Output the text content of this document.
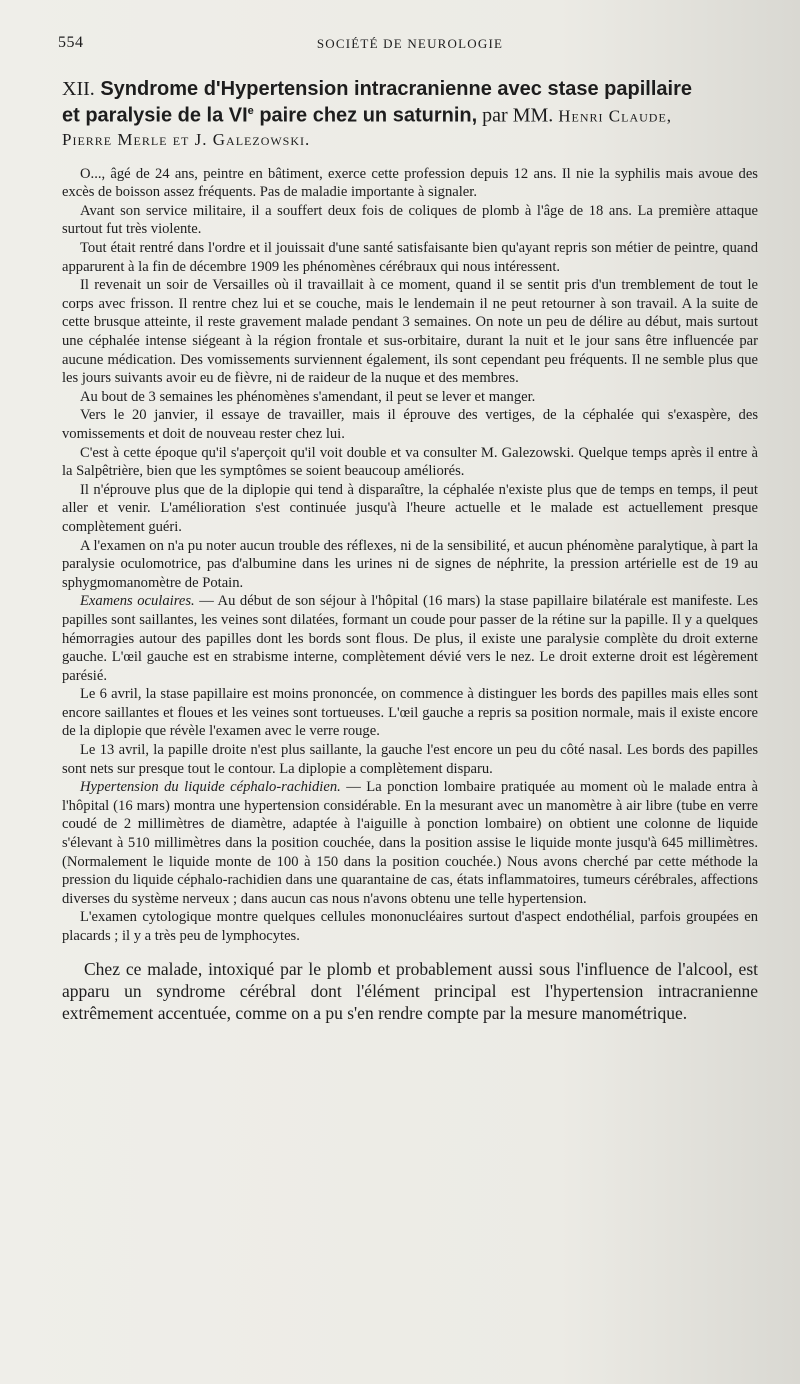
554	SOCIÉTÉ DE NEUROLOGIE
XII. Syndrome d'Hypertension intracranienne avec stase papillaire
et paralysie de la VIe paire chez un saturnin, par MM. Henri Claude,
Pierre Merle et J. Galezowski.

O..., âgé de 24 ans, peintre en bâtiment, exerce cette profession depuis 12 ans. Il nie la syphilis mais avoue des excès de boisson assez fréquents. Pas de maladie importante à signaler.

Avant son service militaire, il a souffert deux fois de coliques de plomb à l'âge de 18 ans. La première attaque surtout fut très violente.

Tout était rentré dans l'ordre et il jouissait d'une santé satisfaisante bien qu'ayant repris son métier de peintre, quand apparurent à la fin de décembre 1909 les phénomènes cérébraux qui nous intéressent.

Il revenait un soir de Versailles où il travaillait à ce moment, quand il se sentit pris d'un tremblement de tout le corps avec frisson. Il rentre chez lui et se couche, mais le lendemain il ne peut retourner à son travail. A la suite de cette brusque atteinte, il reste gravement malade pendant 3 semaines. On note un peu de délire au début, mais surtout une céphalée intense siégeant à la région frontale et sus-orbitaire, durant la nuit et le jour sans être influencée par aucune médication. Des vomissements surviennent également, ils sont cependant peu fréquents. Il ne semble plus que les jours suivants avoir eu de fièvre, ni de raideur de la nuque et des membres.

Au bout de 3 semaines les phénomènes s'amendant, il peut se lever et manger.

Vers le 20 janvier, il essaye de travailler, mais il éprouve des vertiges, de la céphalée qui s'exaspère, des vomissements et doit de nouveau rester chez lui.

C'est à cette époque qu'il s'aperçoit qu'il voit double et va consulter M. Galezowski. Quelque temps après il entre à la Salpêtrière, bien que les symptômes se soient beaucoup améliorés.

Il n'éprouve plus que de la diplopie qui tend à disparaître, la céphalée n'existe plus que de temps en temps, il peut aller et venir. L'amélioration s'est continuée jusqu'à l'heure actuelle et le malade est actuellement presque complètement guéri.

A l'examen on n'a pu noter aucun trouble des réflexes, ni de la sensibilité, et aucun phénomène paralytique, à part la paralysie oculomotrice, pas d'albumine dans les urines ni de signes de néphrite, la pression artérielle est de 19 au sphygmomanomètre de Potain.

Examens oculaires. — Au début de son séjour à l'hôpital (16 mars) la stase papillaire bilatérale est manifeste. Les papilles sont saillantes, les veines sont dilatées, formant un coude pour passer de la rétine sur la papille. Il y a quelques hémorragies autour des papilles dont les bords sont flous. De plus, il existe une paralysie complète du droit externe gauche. L'œil gauche est en strabisme interne, complètement dévié vers le nez. Le droit externe droit est légèrement parésié.

Le 6 avril, la stase papillaire est moins prononcée, on commence à distinguer les bords des papilles mais elles sont encore saillantes et floues et les veines sont tortueuses. L'œil gauche a repris sa position normale, mais il existe encore de la diplopie que révèle l'examen avec le verre rouge.

Le 13 avril, la papille droite n'est plus saillante, la gauche l'est encore un peu du côté nasal. Les bords des papilles sont nets sur presque tout le contour. La diplopie a complètement disparu.

Hypertension du liquide céphalo-rachidien. — La ponction lombaire pratiquée au moment où le malade entra à l'hôpital (16 mars) montra une hypertension considérable. En la mesurant avec un manomètre à air libre (tube en verre coudé de 2 millimètres de diamètre, adaptée à l'aiguille à ponction lombaire) on obtient une colonne de liquide s'élevant à 510 millimètres dans la position couchée, dans la position assise le liquide monte jusqu'à 645 millimètres. (Normalement le liquide monte de 100 à 150 dans la position couchée.) Nous avons cherché par cette méthode la pression du liquide céphalo-rachidien dans une quarantaine de cas, états inflammatoires, tumeurs cérébrales, affections diverses du système nerveux ; dans aucun cas nous n'avons obtenu une telle hypertension.

L'examen cytologique montre quelques cellules mononucléaires surtout d'aspect endothélial, parfois groupées en placards ; il y a très peu de lymphocytes.

Chez ce malade, intoxiqué par le plomb et probablement aussi sous l'influence de l'alcool, est apparu un syndrome cérébral dont l'élément principal est l'hypertension intracranienne extrêmement accentuée, comme on a pu s'en rendre compte par la mesure manométrique.
